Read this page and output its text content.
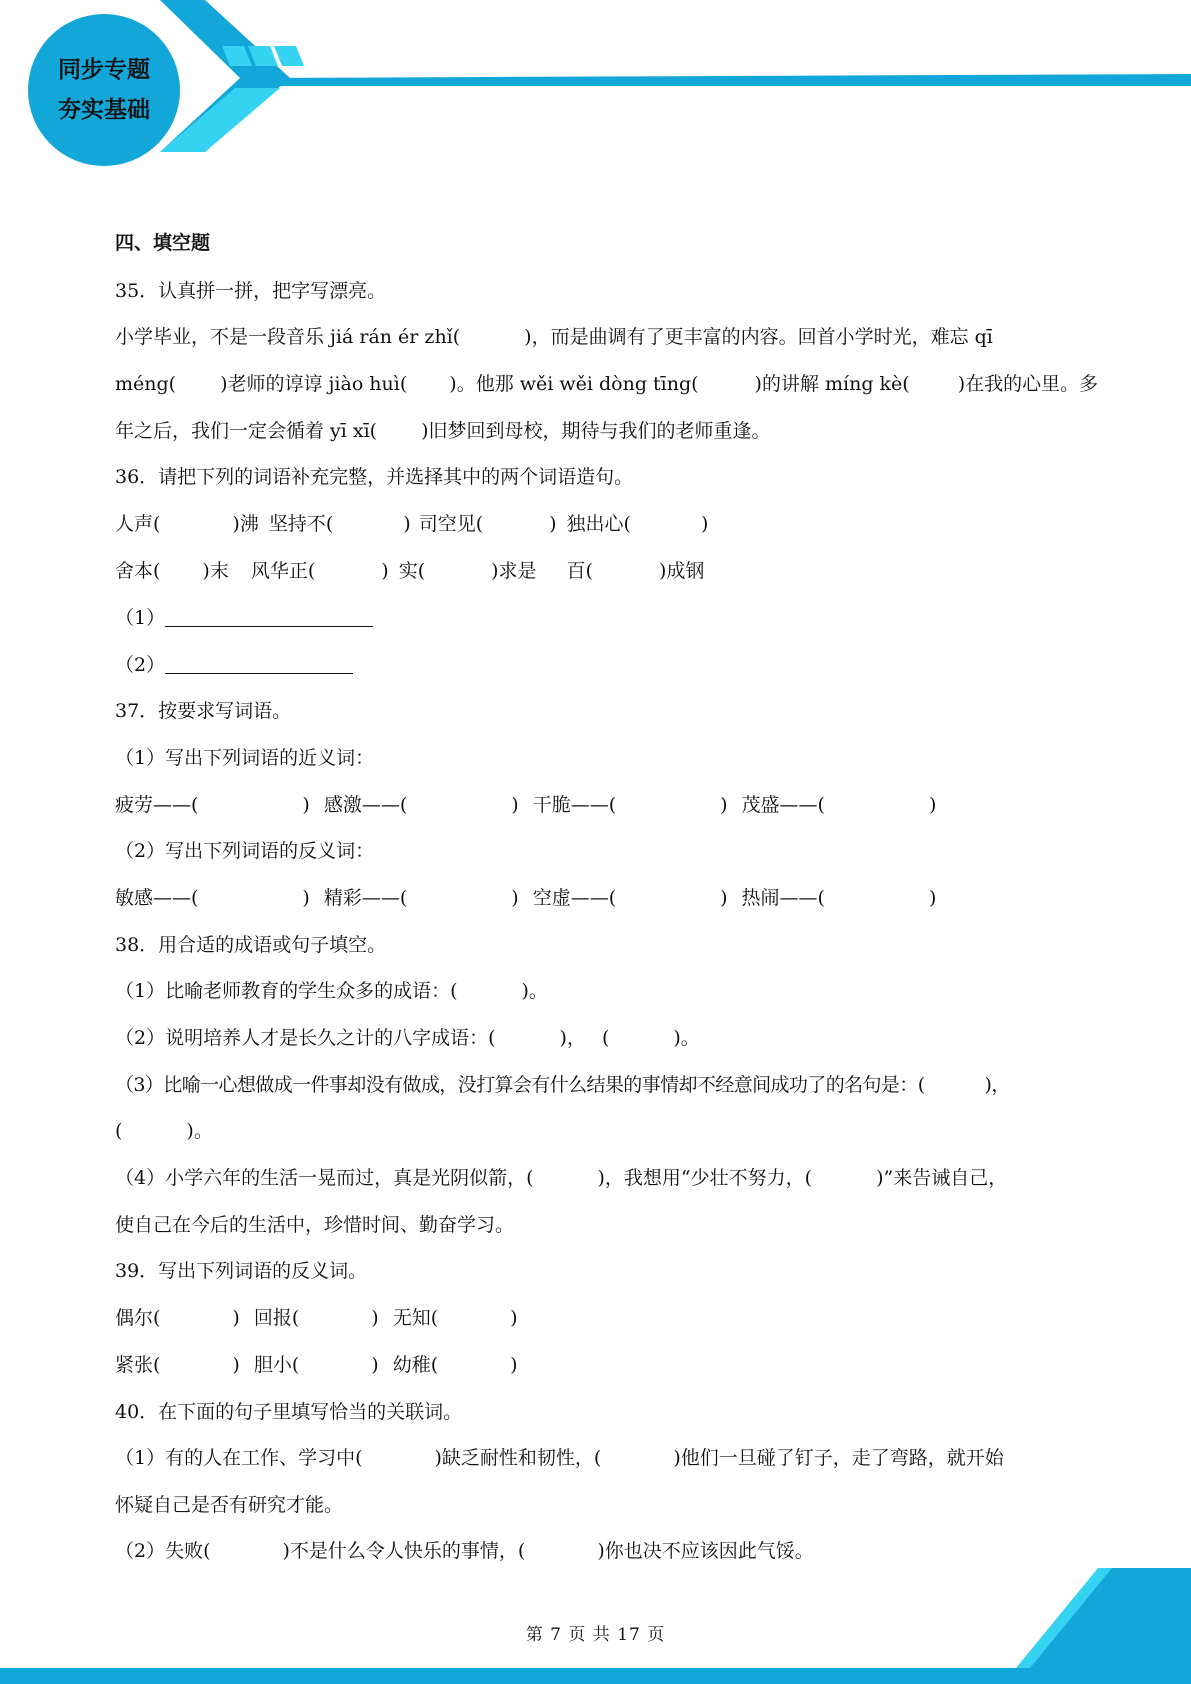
同步专题
夯实基础
四、填空题
35．认真拼一拼，把字写漂亮。
小学毕业，不是一段音乐 jiá rán ér zhǐ(	)，而是曲调有了更丰富的内容。回首小学时光，难忘 qī
méng( )老师的谆谆 jiào huì( )。他那 wěi wěi dòng tīng(	)的讲解 míng kè(	)在我的心里。多
年之后，我们一定会循着 yī xī( )旧梦回到母校，期待与我们的老师重逢。
36．请把下列的词语补充完整，并选择其中的两个词语造句。
人声(	)沸 坚持不(	) 司空见(	) 独出心(	)
舍本( )末 风华正(	) 实(	)求是 百(	)成钢
（1）
（2）
37．按要求写词语。
（1）写出下列词语的近义词：
疲劳——(	) 感激——(	) 干脆——(	) 茂盛——(	)
（2）写出下列词语的反义词：
敏感——(	) 精彩——(	) 空虚——(	) 热闹——(	)
38．用合适的成语或句子填空。
（1）比喻老师教育的学生众多的成语：(	)。
（2）说明培养人才是长久之计的八字成语：(	)， (	)。
（3）比喻一心想做成一件事却没有做成，没打算会有什么结果的事情却不经意间成功了的名句是：(	)，
(	)。
（4）小学六年的生活一晃而过，真是光阴似箭，(	)，我想用“少壮不努力，(	)”来告诫自己，
使自己在今后的生活中，珍惜时间、勤奋学习。
39．写出下列词语的反义词。
偶尔(	) 回报(	) 无知(	)
紧张(	) 胆小(	) 幼稚(	)
40．在下面的句子里填写恰当的关联词。
（1）有的人在工作、学习中(	)缺乏耐性和韧性，(	)他们一旦碰了钉子，走了弯路，就开始
怀疑自己是否有研究才能。
（2）失败(	)不是什么令人快乐的事情，(	)你也决不应该因此气馁。
第 7 页 共 17 页
